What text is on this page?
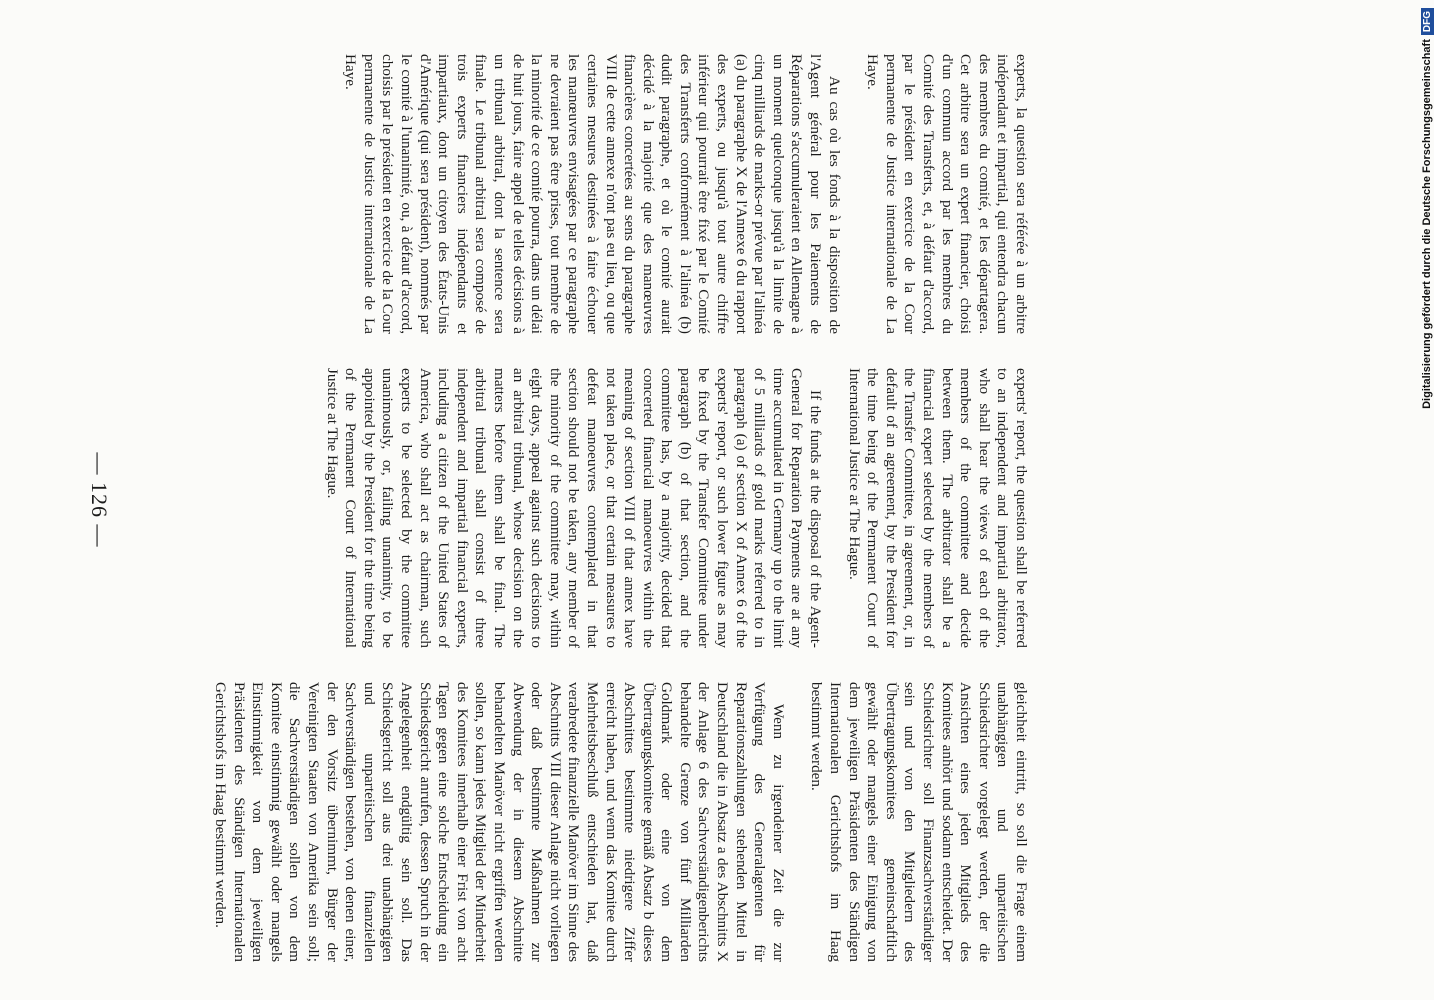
— 126 —

experts, la question sera référée à un arbitre indépendant et impartial, qui entendra chacun des membres du comité, et les départagera. Cet arbitre sera un expert financier, choisi d'un commun accord par les membres du Comité des Transferts, et, à défaut d'accord, par le président en exercice de la Cour permanente de Justice internationale de La Haye.

Au cas où les fonds à la disposition de l'Agent général pour les Paiements de Réparations s'accumuleraient en Allemagne à un moment quelconque jusqu'à la limite de cinq milliards de marks-or prévue par l'alinéa (a) du paragraphe X de l'Annexe 6 du rapport des experts, ou jusqu'à tout autre chiffre inférieur qui pourrait être fixé par le Comité des Transferts conformément à l'alinéa (b) dudit paragraphe, et où le comité aurait décidé à la majorité que des manœuvres financières concertées au sens du paragraphe VIII de cette annexe n'ont pas eu lieu, ou que certaines mesures destinées à faire échouer les manœuvres envisagées par ce paragraphe ne devraient pas être prises, tout membre de la minorité de ce comité pourra, dans un délai de huit jours, faire appel de telles décisions à un tribunal arbitral, dont la sentence sera finale. Le tribunal arbitral sera composé de trois experts financiers indépendants et impartiaux, dont un citoyen des États-Unis d'Amérique (qui sera président), nommés par le comité à l'unanimité, ou, à défaut d'accord, choisis par le président en exercice de la Cour permanente de Justice internationale de La Haye.

experts' report, the question shall be referred to an independent and impartial arbitrator, who shall hear the views of each of the members of the committee and decide between them. The arbitrator shall be a financial expert selected by the members of the Transfer Committee, in agreement, or, in default of an agreement, by the President for the time being of the Permanent Court of International Justice at The Hague.

If the funds at the disposal of the Agent-General for Reparation Payments are at any time accumulated in Germany up to the limit of 5 milliards of gold marks referred to in paragraph (a) of section X of Annex 6 of the experts' report, or such lower figure as may be fixed by the Transfer Committee under paragraph (b) of that section, and the committee has, by a majority, decided that concerted financial manoeuvres within the meaning of section VIII of that annex have not taken place, or that certain measures to defeat manoeuvres contemplated in that section should not be taken, any member of the minority of the committee may, within eight days, appeal against such decisions to an arbitral tribunal, whose decision on the matters before them shall be final. The arbitral tribunal shall consist of three independent and impartial financial experts, including a citizen of the United States of America, who shall act as chairman, such experts to be selected by the committee unanimously, or, failing unanimity, to be appointed by the President for the time being of the Permanent Court of International Justice at The Hague.

gleichheit eintritt, so soll die Frage einem unabhängigen und unparteiischen Schiedsrichter vorgelegt werden, der die Ansichten eines jeden Mitglieds des Komitees anhört und sodann entscheidet. Der Schiedsrichter soll Finanzsachverständiger sein und von den Mitgliedern des Übertragungskomitees gemeinschaftlich gewählt oder mangels einer Einigung von dem jeweiligen Präsidenten des Ständigen Internationalen Gerichtshofs im Haag bestimmt werden.

Wenn zu irgendeiner Zeit die zur Verfügung des Generalagenten für Reparationszahlungen stehenden Mittel in Deutschland die in Absatz a des Abschnitts X der Anlage 6 des Sachverständigenberichts behandelte Grenze von fünf Milliarden Goldmark oder eine von dem Übertragungskomitee gemäß Absatz b dieses Abschnittes bestimmte niedrigere Ziffer erreicht haben, und wenn das Komitee durch Mehrheitsbeschluß entschieden hat, daß verabredete finanzielle Manöver im Sinne des Abschnitts VIII dieser Anlage nicht vorliegen oder daß bestimmte Maßnahmen zur Abwendung der in diesem Abschnitte behandelten Manöver nicht ergriffen werden sollen, so kann jedes Mitglied der Minderheit des Komitees innerhalb einer Frist von acht Tagen gegen eine solche Entscheidung ein Schiedsgericht anrufen, dessen Spruch in der Angelegenheit endgültig sein soll. Das Schiedsgericht soll aus drei unabhängigen und unparteiischen finanziellen Sachverständigen bestehen, von denen einer, der den Vorsitz übernimmt, Bürger der Vereinigten Staaten von Amerika sein soll; die Sachverständigen sollen von dem Komitee einstimmig gewählt oder mangels Einstimmigkeit von dem jeweiligen Präsidenten des Ständigen Internationalen Gerichtshofs im Haag bestimmt werden.

Digitalisierung gefördert durch die Deutsche Forschungsgemeinschaft
DFG
